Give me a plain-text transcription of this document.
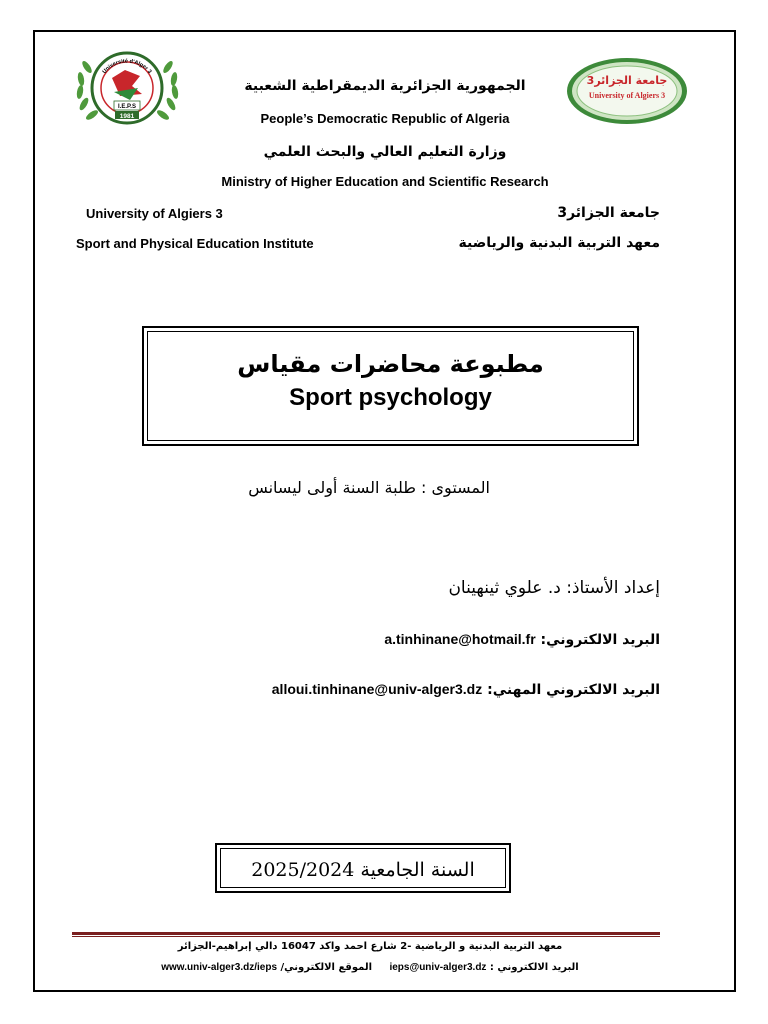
I.E.P.S
1981
Université d'Alger 3
جامعة الجزائر3
University of Algiers 3
الجمهورية الجزائرية الديمقراطية الشعبية
People’s Democratic Republic of Algeria
وزارة التعليم العالي والبحث العلمي
Ministry of Higher Education and Scientific Research
University of Algiers 3	جامعة الجزائر3
Sport and Physical Education Institute	معهد التربية البدنية والرياضية
مطبوعة محاضرات مقياس
Sport psychology
المستوى : طلبة السنة أولى ليسانس
إعداد الأستاذ: د. علوي ثينهينان
البريد الالكتروني: a.tinhinane@hotmail.fr
البريد الالكتروني المهني: alloui.tinhinane@univ-alger3.dz
السنة الجامعية 2025/2024
معهد التربية البدنية و الرياضية -2 شارع احمد واكد 16047 دالي إبراهيم-الجزائر
البريد الالكتروني : ieps@univ-alger3.dz     الموقع الالكتروني/ www.univ-alger3.dz/ieps
